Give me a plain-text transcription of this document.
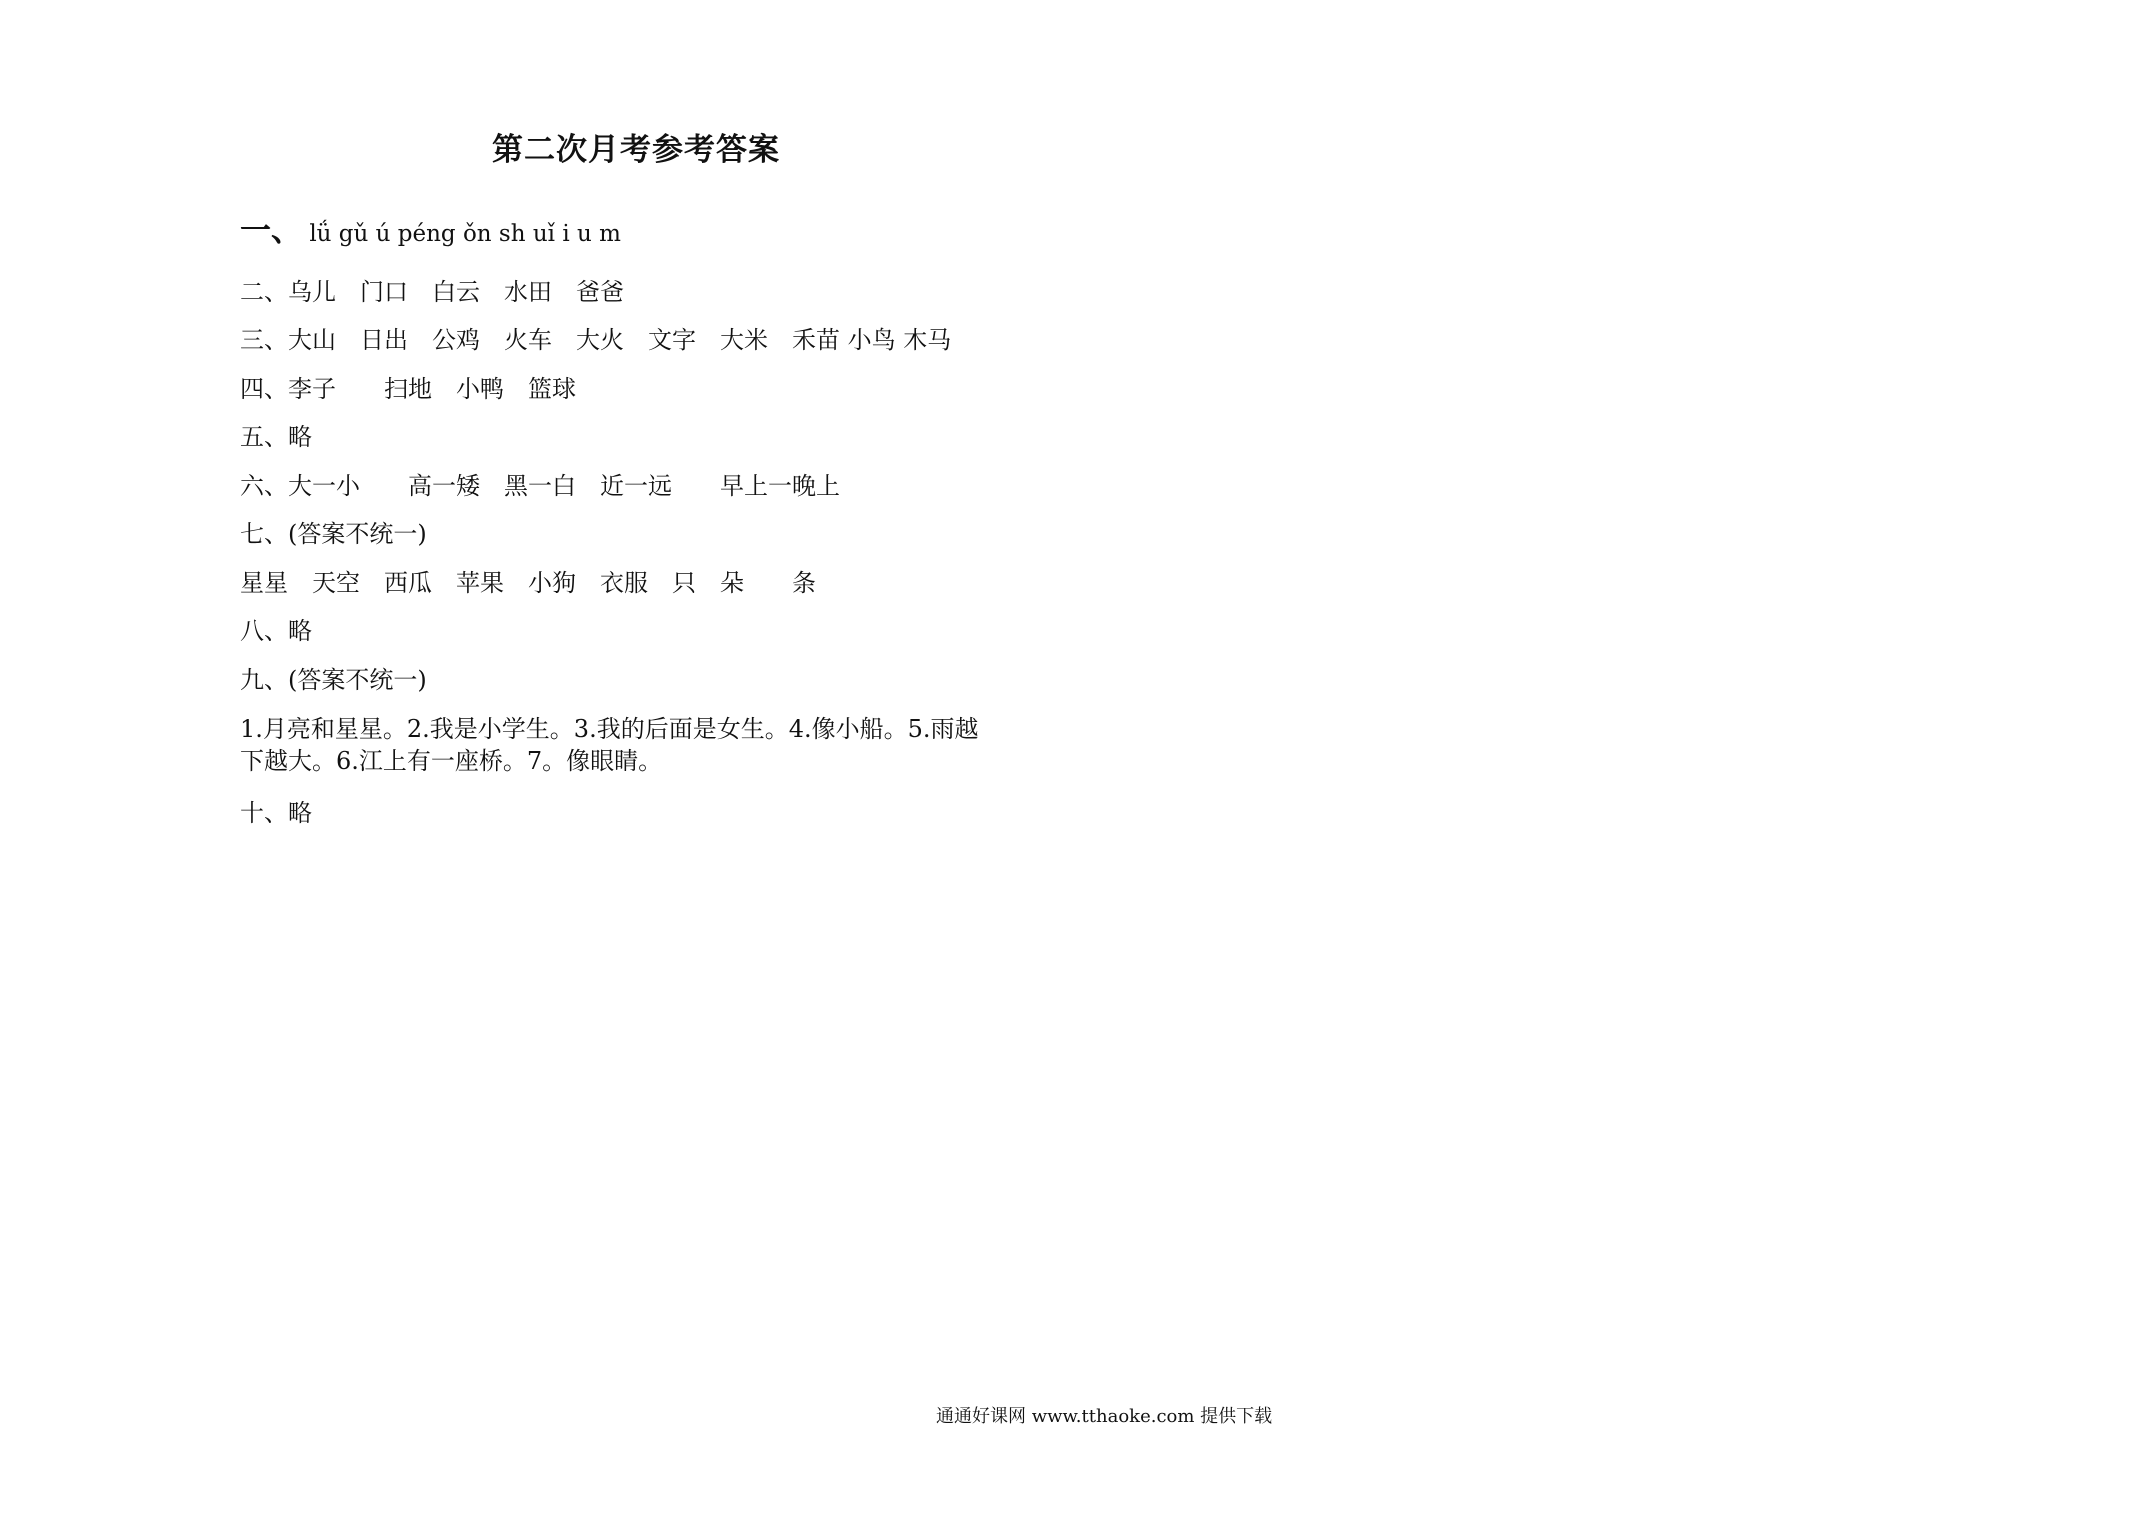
第二次月考参考答案
一、 lǘ gǔ ú péng ǒn sh uǐ i u m
二、乌儿　门口　白云　水田　爸爸
三、大山　日出　公鸡　火车　大火　文字　大米　禾苗 小鸟 木马
四、李子　　扫地　小鸭　篮球
五、略
六、大一小　　高一矮　黑一白　近一远　　早上一晚上
七、(答案不统一)
星星　天空　西瓜　苹果　小狗　衣服　只　朵　　条
八、略
九、(答案不统一)
1.月亮和星星。2.我是小学生。3.我的后面是女生。4.像小船。5.雨越
下越大。6.江上有一座桥。7。像眼睛。
十、略
通通好课网 www.tthaoke.com 提供下载
